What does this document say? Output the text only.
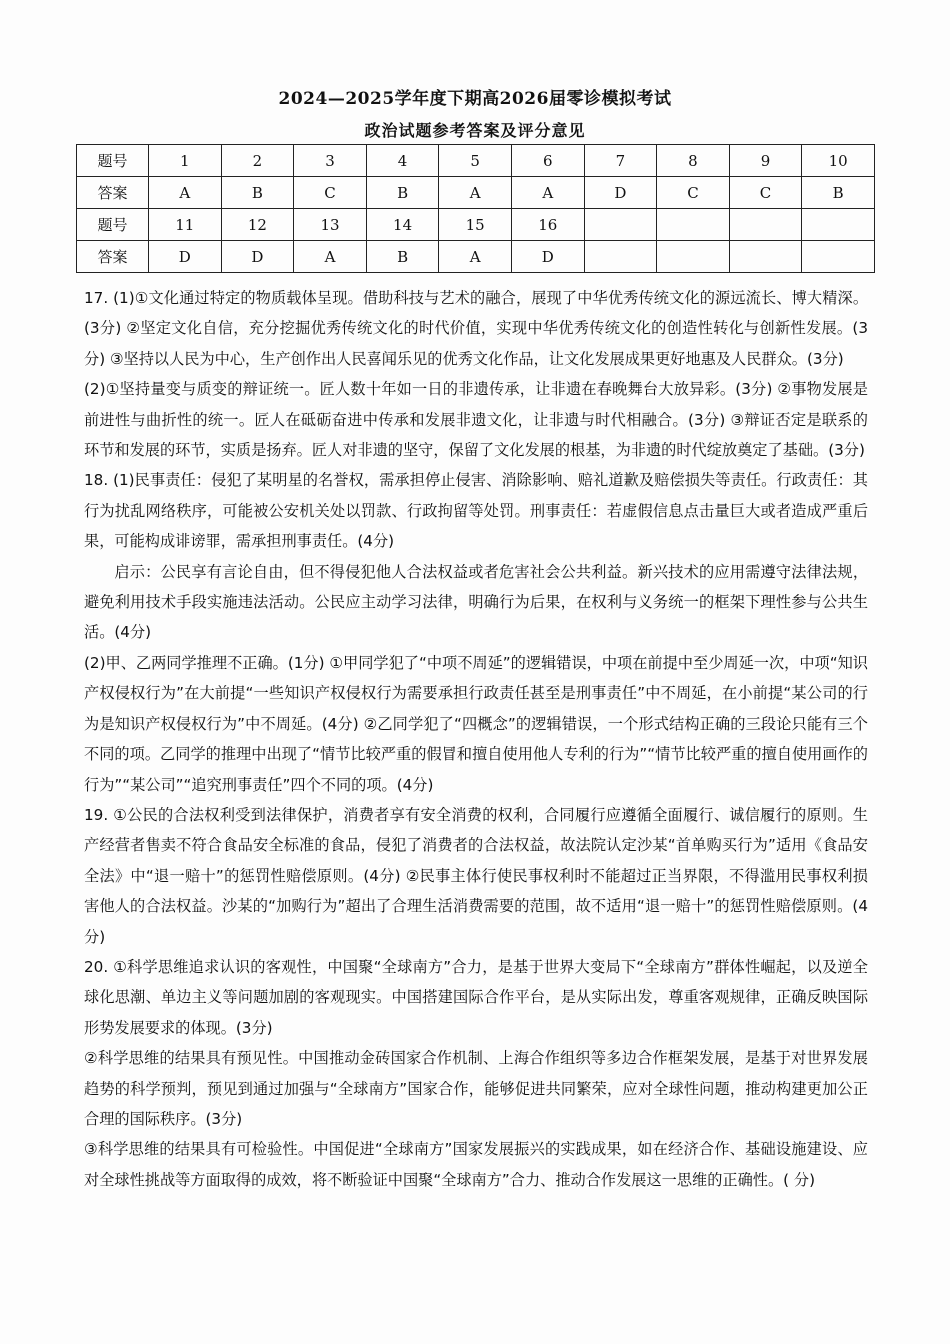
2024—2025学年度下期高2026届零诊模拟考试
政治试题参考答案及评分意见
题号	1	2	3	4	5	6	7	8	9	10
答案	A	B	C	B	A	A	D	C	C	B
题号	11	12	13	14	15	16				
答案	D	D	A	B	A	D				

17. (1)①文化通过特定的物质载体呈现。借助科技与艺术的融合，展现了中华优秀传统文化的源远流长、博大精深。(3分) ②坚定文化自信，充分挖掘优秀传统文化的时代价值，实现中华优秀传统文化的创造性转化与创新性发展。(3分) ③坚持以人民为中心，生产创作出人民喜闻乐见的优秀文化作品，让文化发展成果更好地惠及人民群众。(3分)

(2)①坚持量变与质变的辩证统一。匠人数十年如一日的非遗传承，让非遗在春晚舞台大放异彩。(3分) ②事物发展是前进性与曲折性的统一。匠人在砥砺奋进中传承和发展非遗文化，让非遗与时代相融合。(3分) ③辩证否定是联系的环节和发展的环节，实质是扬弃。匠人对非遗的坚守，保留了文化发展的根基，为非遗的时代绽放奠定了基础。(3分)

18. (1)民事责任：侵犯了某明星的名誉权，需承担停止侵害、消除影响、赔礼道歉及赔偿损失等责任。行政责任：其行为扰乱网络秩序，可能被公安机关处以罚款、行政拘留等处罚。刑事责任：若虚假信息点击量巨大或者造成严重后果，可能构成诽谤罪，需承担刑事责任。(4分)

启示：公民享有言论自由，但不得侵犯他人合法权益或者危害社会公共利益。新兴技术的应用需遵守法律法规，避免利用技术手段实施违法活动。公民应主动学习法律，明确行为后果，在权利与义务统一的框架下理性参与公共生活。(4分)

(2)甲、乙两同学推理不正确。(1分) ①甲同学犯了“中项不周延”的逻辑错误，中项在前提中至少周延一次，中项“知识产权侵权行为”在大前提“一些知识产权侵权行为需要承担行政责任甚至是刑事责任”中不周延，在小前提“某公司的行为是知识产权侵权行为”中不周延。(4分) ②乙同学犯了“四概念”的逻辑错误，一个形式结构正确的三段论只能有三个不同的项。乙同学的推理中出现了“情节比较严重的假冒和擅自使用他人专利的行为”“情节比较严重的擅自使用画作的行为”“某公司”“追究刑事责任”四个不同的项。(4分)

19. ①公民的合法权利受到法律保护，消费者享有安全消费的权利，合同履行应遵循全面履行、诚信履行的原则。生产经营者售卖不符合食品安全标准的食品，侵犯了消费者的合法权益，故法院认定沙某“首单购买行为”适用《食品安全法》中“退一赔十”的惩罚性赔偿原则。(4分) ②民事主体行使民事权利时不能超过正当界限，不得滥用民事权利损害他人的合法权益。沙某的“加购行为”超出了合理生活消费需要的范围，故不适用“退一赔十”的惩罚性赔偿原则。(4分)

20. ①科学思维追求认识的客观性，中国聚“全球南方”合力，是基于世界大变局下“全球南方”群体性崛起，以及逆全球化思潮、单边主义等问题加剧的客观现实。中国搭建国际合作平台，是从实际出发，尊重客观规律，正确反映国际形势发展要求的体现。(3分)

②科学思维的结果具有预见性。中国推动金砖国家合作机制、上海合作组织等多边合作框架发展，是基于对世界发展趋势的科学预判，预见到通过加强与“全球南方”国家合作，能够促进共同繁荣，应对全球性问题，推动构建更加公正合理的国际秩序。(3分)

③科学思维的结果具有可检验性。中国促进“全球南方”国家发展振兴的实践成果，如在经济合作、基础设施建设、应对全球性挑战等方面取得的成效，将不断验证中国聚“全球南方”合力、推动合作发展这一思维的正确性。( 分)
